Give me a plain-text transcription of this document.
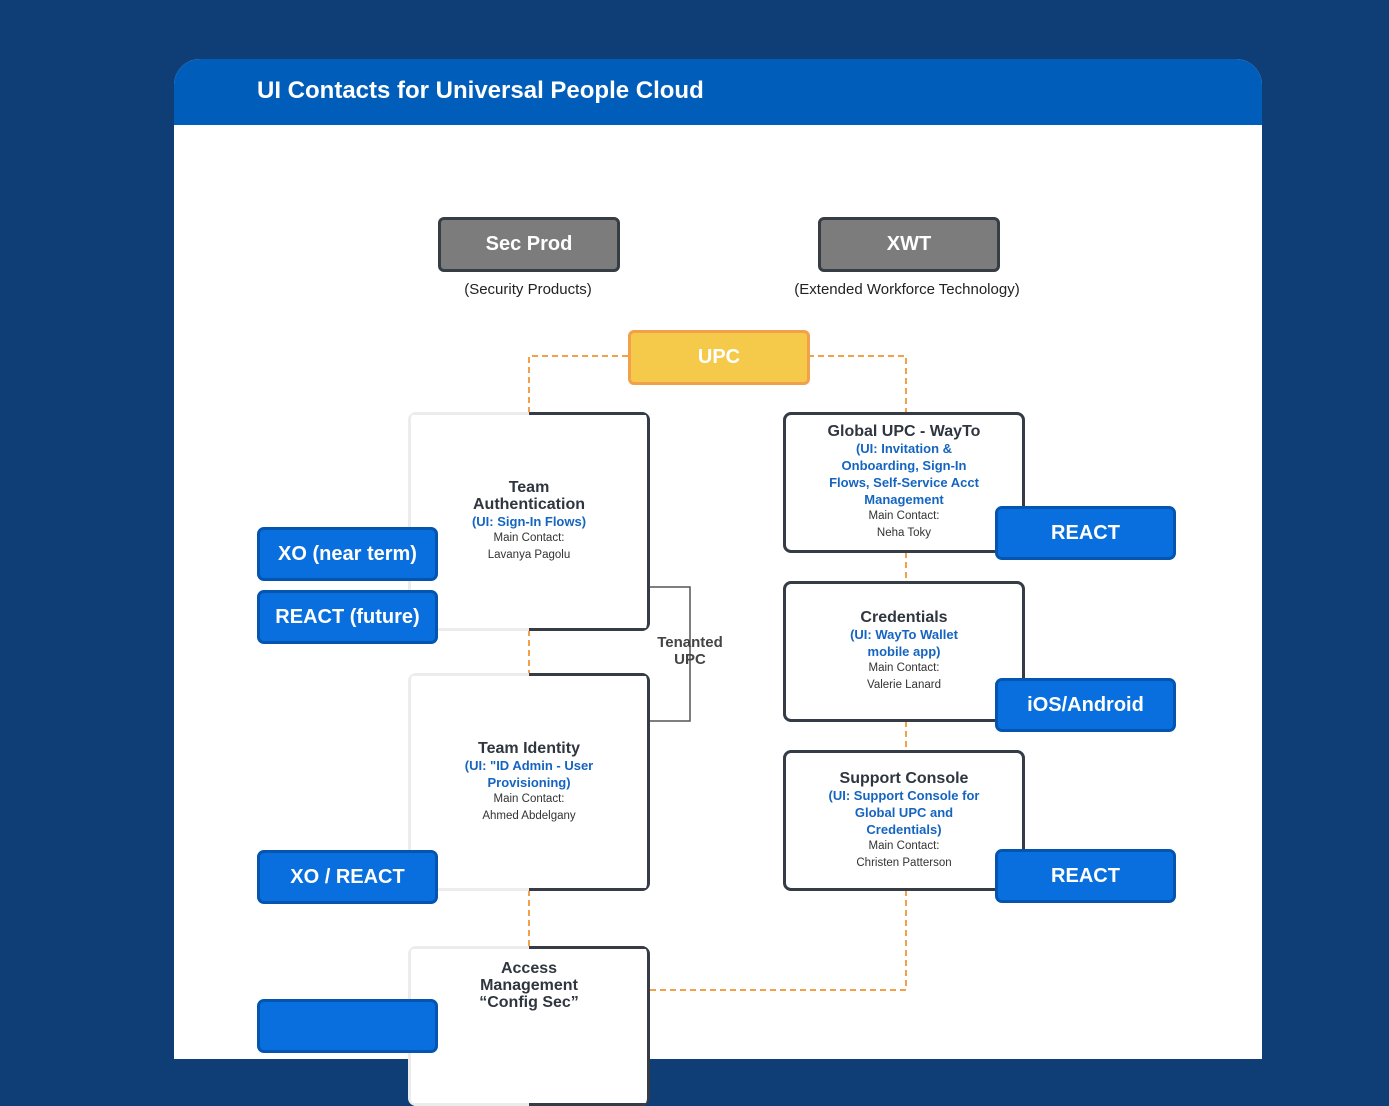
UI Contacts for Universal People Cloud
Sec Prod
(Security Products)
XWT
(Extended Workforce Technology)
UPC
Tenanted UPC
Team Authentication
(UI: Sign-In Flows)
Main Contact:
Lavanya Pagolu
Team Identity
(UI: "ID Admin - User Provisioning)
Main Contact:
Ahmed Abdelgany
Access Management
“Config Sec”
XO (near term)
REACT (future)
XO / REACT
Global UPC - WayTo
(UI: Invitation & Onboarding, Sign-In Flows, Self-Service Acct Management
Main Contact:
Neha Toky
Credentials
(UI: WayTo Wallet mobile app)
Main Contact:
Valerie Lanard
Support Console
(UI: Support Console for Global UPC and Credentials)
Main Contact:
Christen Patterson
REACT
iOS/Android
REACT
